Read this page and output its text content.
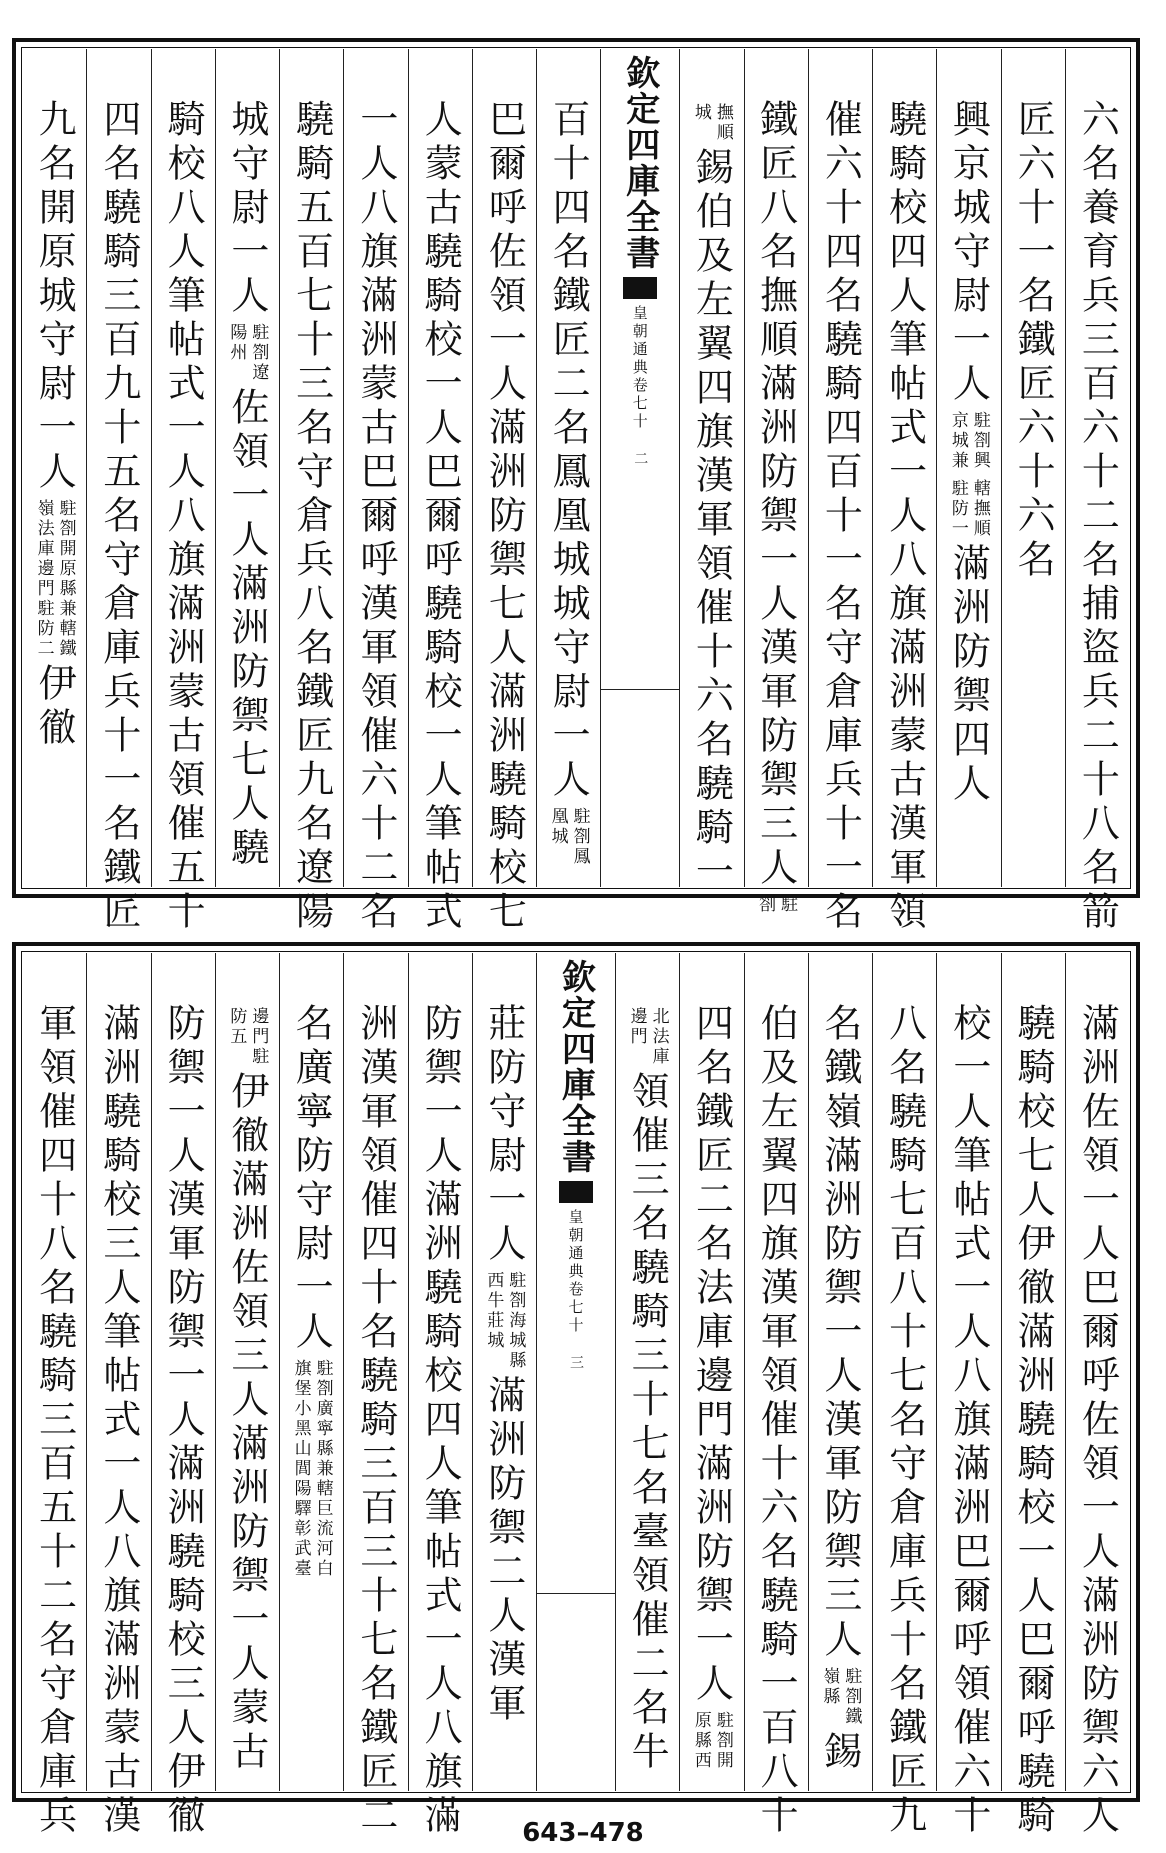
六名養育兵三百六十二名捕盜兵二十八名箭
匠六十一名鐵匠六十六名
興京城守尉一人
駐劄興
京城兼
轄撫順
駐防一
滿洲防禦四人
驍騎校四人筆帖式一人八旗滿洲蒙古漢軍領
催六十四名驍騎四百十一名守倉庫兵十一名
鐵匠八名撫順滿洲防禦一人漢軍防禦三人
駐
劄
撫順
城
錫伯及左翼四旗漢軍領催十六名驍騎一
欽定四庫全書
皇朝通典卷七十
二
百十四名鐵匠二名鳳凰城城守尉一人
駐劄鳳
凰城
巴爾呼佐領一人滿洲防禦七人滿洲驍騎校七
人蒙古驍騎校一人巴爾呼驍騎校一人筆帖式
一人八旗滿洲蒙古巴爾呼漢軍領催六十二名
驍騎五百七十三名守倉兵八名鐵匠九名遼陽
城守尉一人
駐劄遼
陽州
佐領一人滿洲防禦七人驍
騎校八人筆帖式一人八旗滿洲蒙古領催五十
四名驍騎三百九十五名守倉庫兵十一名鐵匠
九名開原城守尉一人
駐劄開原縣兼轄鐵
嶺法庫邊門駐防二
伊徹
滿洲佐領一人巴爾呼佐領一人滿洲防禦六人
驍騎校七人伊徹滿洲驍騎校一人巴爾呼驍騎
校一人筆帖式一人八旗滿洲巴爾呼領催六十
八名驍騎七百八十七名守倉庫兵十名鐵匠九
名鐵嶺滿洲防禦一人漢軍防禦三人
駐劄鐵
嶺縣
錫
伯及左翼四旗漢軍領催十六名驍騎一百八十
四名鐵匠二名法庫邊門滿洲防禦一人
駐劄開
原縣西
北法庫
邊門
領催三名驍騎三十七名臺領催二名牛
欽定四庫全書
皇朝通典卷七十
三
莊防守尉一人
駐劄海城縣
西牛莊城
滿洲防禦二人漢軍
防禦一人滿洲驍騎校四人筆帖式一人八旗滿
洲漢軍領催四十名驍騎三百三十七名鐵匠二
名廣寧防守尉一人
駐劄廣寧縣兼轄巨流河白
旗堡小黑山閭陽驛彰武臺
邊門駐
防五
伊徹滿洲佐領三人滿洲防禦一人蒙古
防禦一人漢軍防禦一人滿洲驍騎校三人伊徹
滿洲驍騎校三人筆帖式一人八旗滿洲蒙古漢
軍領催四十八名驍騎三百五十二名守倉庫兵	643–478
